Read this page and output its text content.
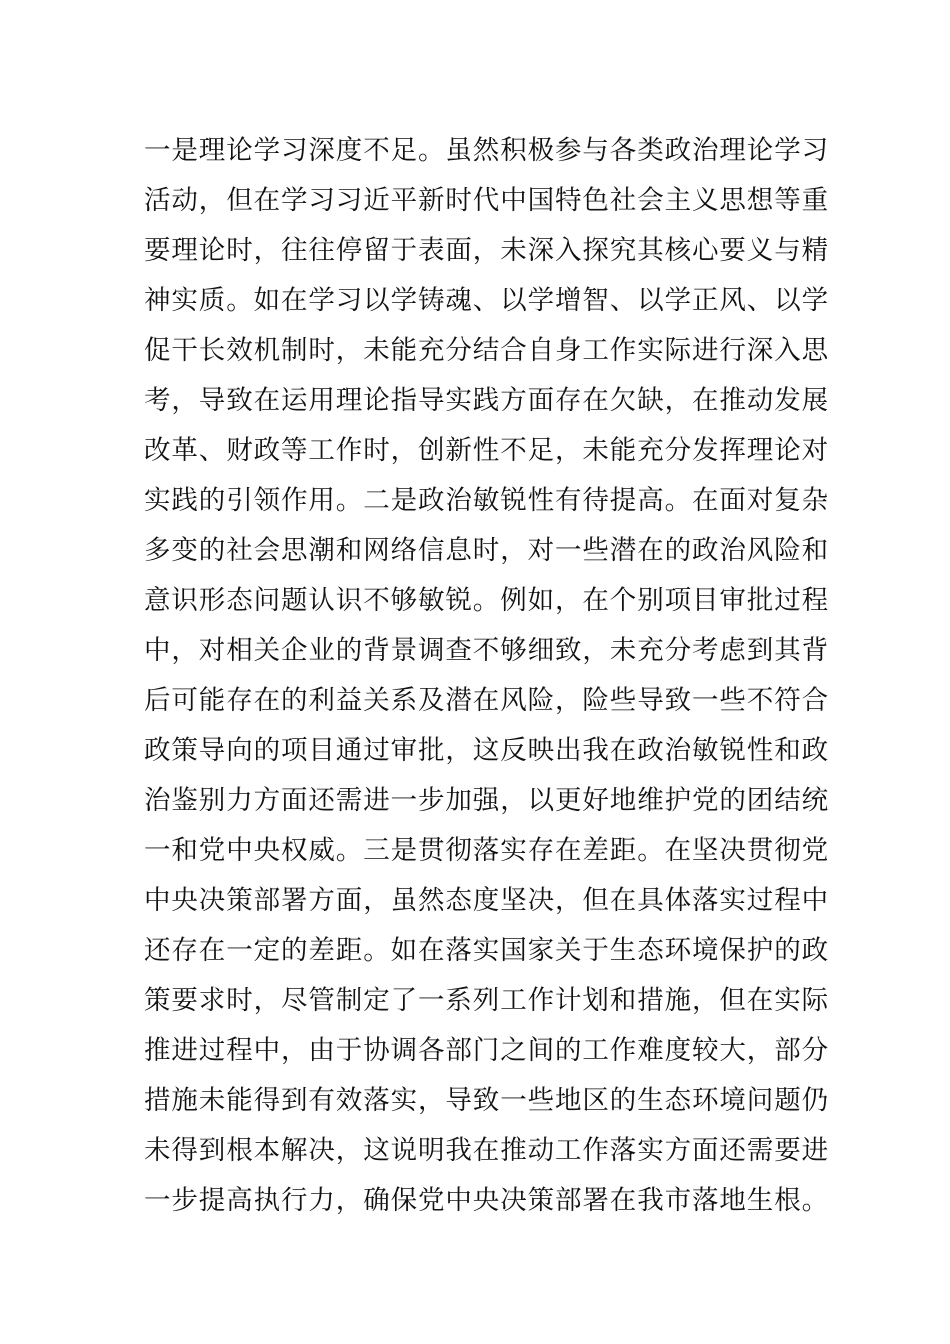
一是理论学习深度不足。虽然积极参与各类政治理论学习
活动，但在学习习近平新时代中国特色社会主义思想等重
要理论时，往往停留于表面，未深入探究其核心要义与精
神实质。如在学习以学铸魂、以学增智、以学正风、以学
促干长效机制时，未能充分结合自身工作实际进行深入思
考，导致在运用理论指导实践方面存在欠缺，在推动发展
改革、财政等工作时，创新性不足，未能充分发挥理论对
实践的引领作用。二是政治敏锐性有待提高。在面对复杂
多变的社会思潮和网络信息时，对一些潜在的政治风险和
意识形态问题认识不够敏锐。例如，在个别项目审批过程
中，对相关企业的背景调查不够细致，未充分考虑到其背
后可能存在的利益关系及潜在风险，险些导致一些不符合
政策导向的项目通过审批，这反映出我在政治敏锐性和政
治鉴别力方面还需进一步加强，以更好地维护党的团结统
一和党中央权威。三是贯彻落实存在差距。在坚决贯彻党
中央决策部署方面，虽然态度坚决，但在具体落实过程中
还存在一定的差距。如在落实国家关于生态环境保护的政
策要求时，尽管制定了一系列工作计划和措施，但在实际
推进过程中，由于协调各部门之间的工作难度较大，部分
措施未能得到有效落实，导致一些地区的生态环境问题仍
未得到根本解决，这说明我在推动工作落实方面还需要进
一步提高执行力，确保党中央决策部署在我市落地生根。
